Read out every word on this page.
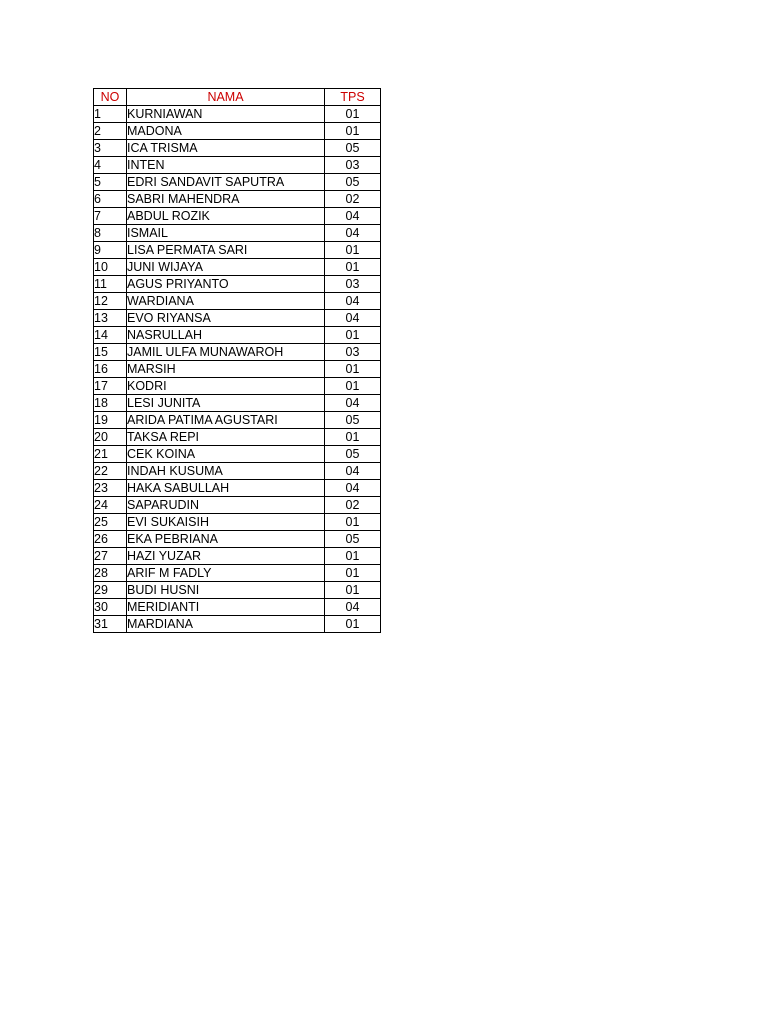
NO	NAMA	TPS
1	KURNIAWAN	01
2	MADONA	01
3	ICA TRISMA	05
4	INTEN	03
5	EDRI SANDAVIT SAPUTRA	05
6	SABRI MAHENDRA	02
7	ABDUL ROZIK	04
8	ISMAIL	04
9	LISA PERMATA SARI	01
10	JUNI WIJAYA	01
11	AGUS PRIYANTO	03
12	WARDIANA	04
13	EVO RIYANSA	04
14	NASRULLAH	01
15	JAMIL ULFA MUNAWAROH	03
16	MARSIH	01
17	KODRI	01
18	LESI JUNITA	04
19	ARIDA PATIMA AGUSTARI	05
20	TAKSA REPI	01
21	CEK KOINA	05
22	INDAH KUSUMA	04
23	HAKA SABULLAH	04
24	SAPARUDIN	02
25	EVI SUKAISIH	01
26	EKA PEBRIANA	05
27	HAZI YUZAR	01
28	ARIF M FADLY	01
29	BUDI HUSNI	01
30	MERIDIANTI	04
31	MARDIANA	01
